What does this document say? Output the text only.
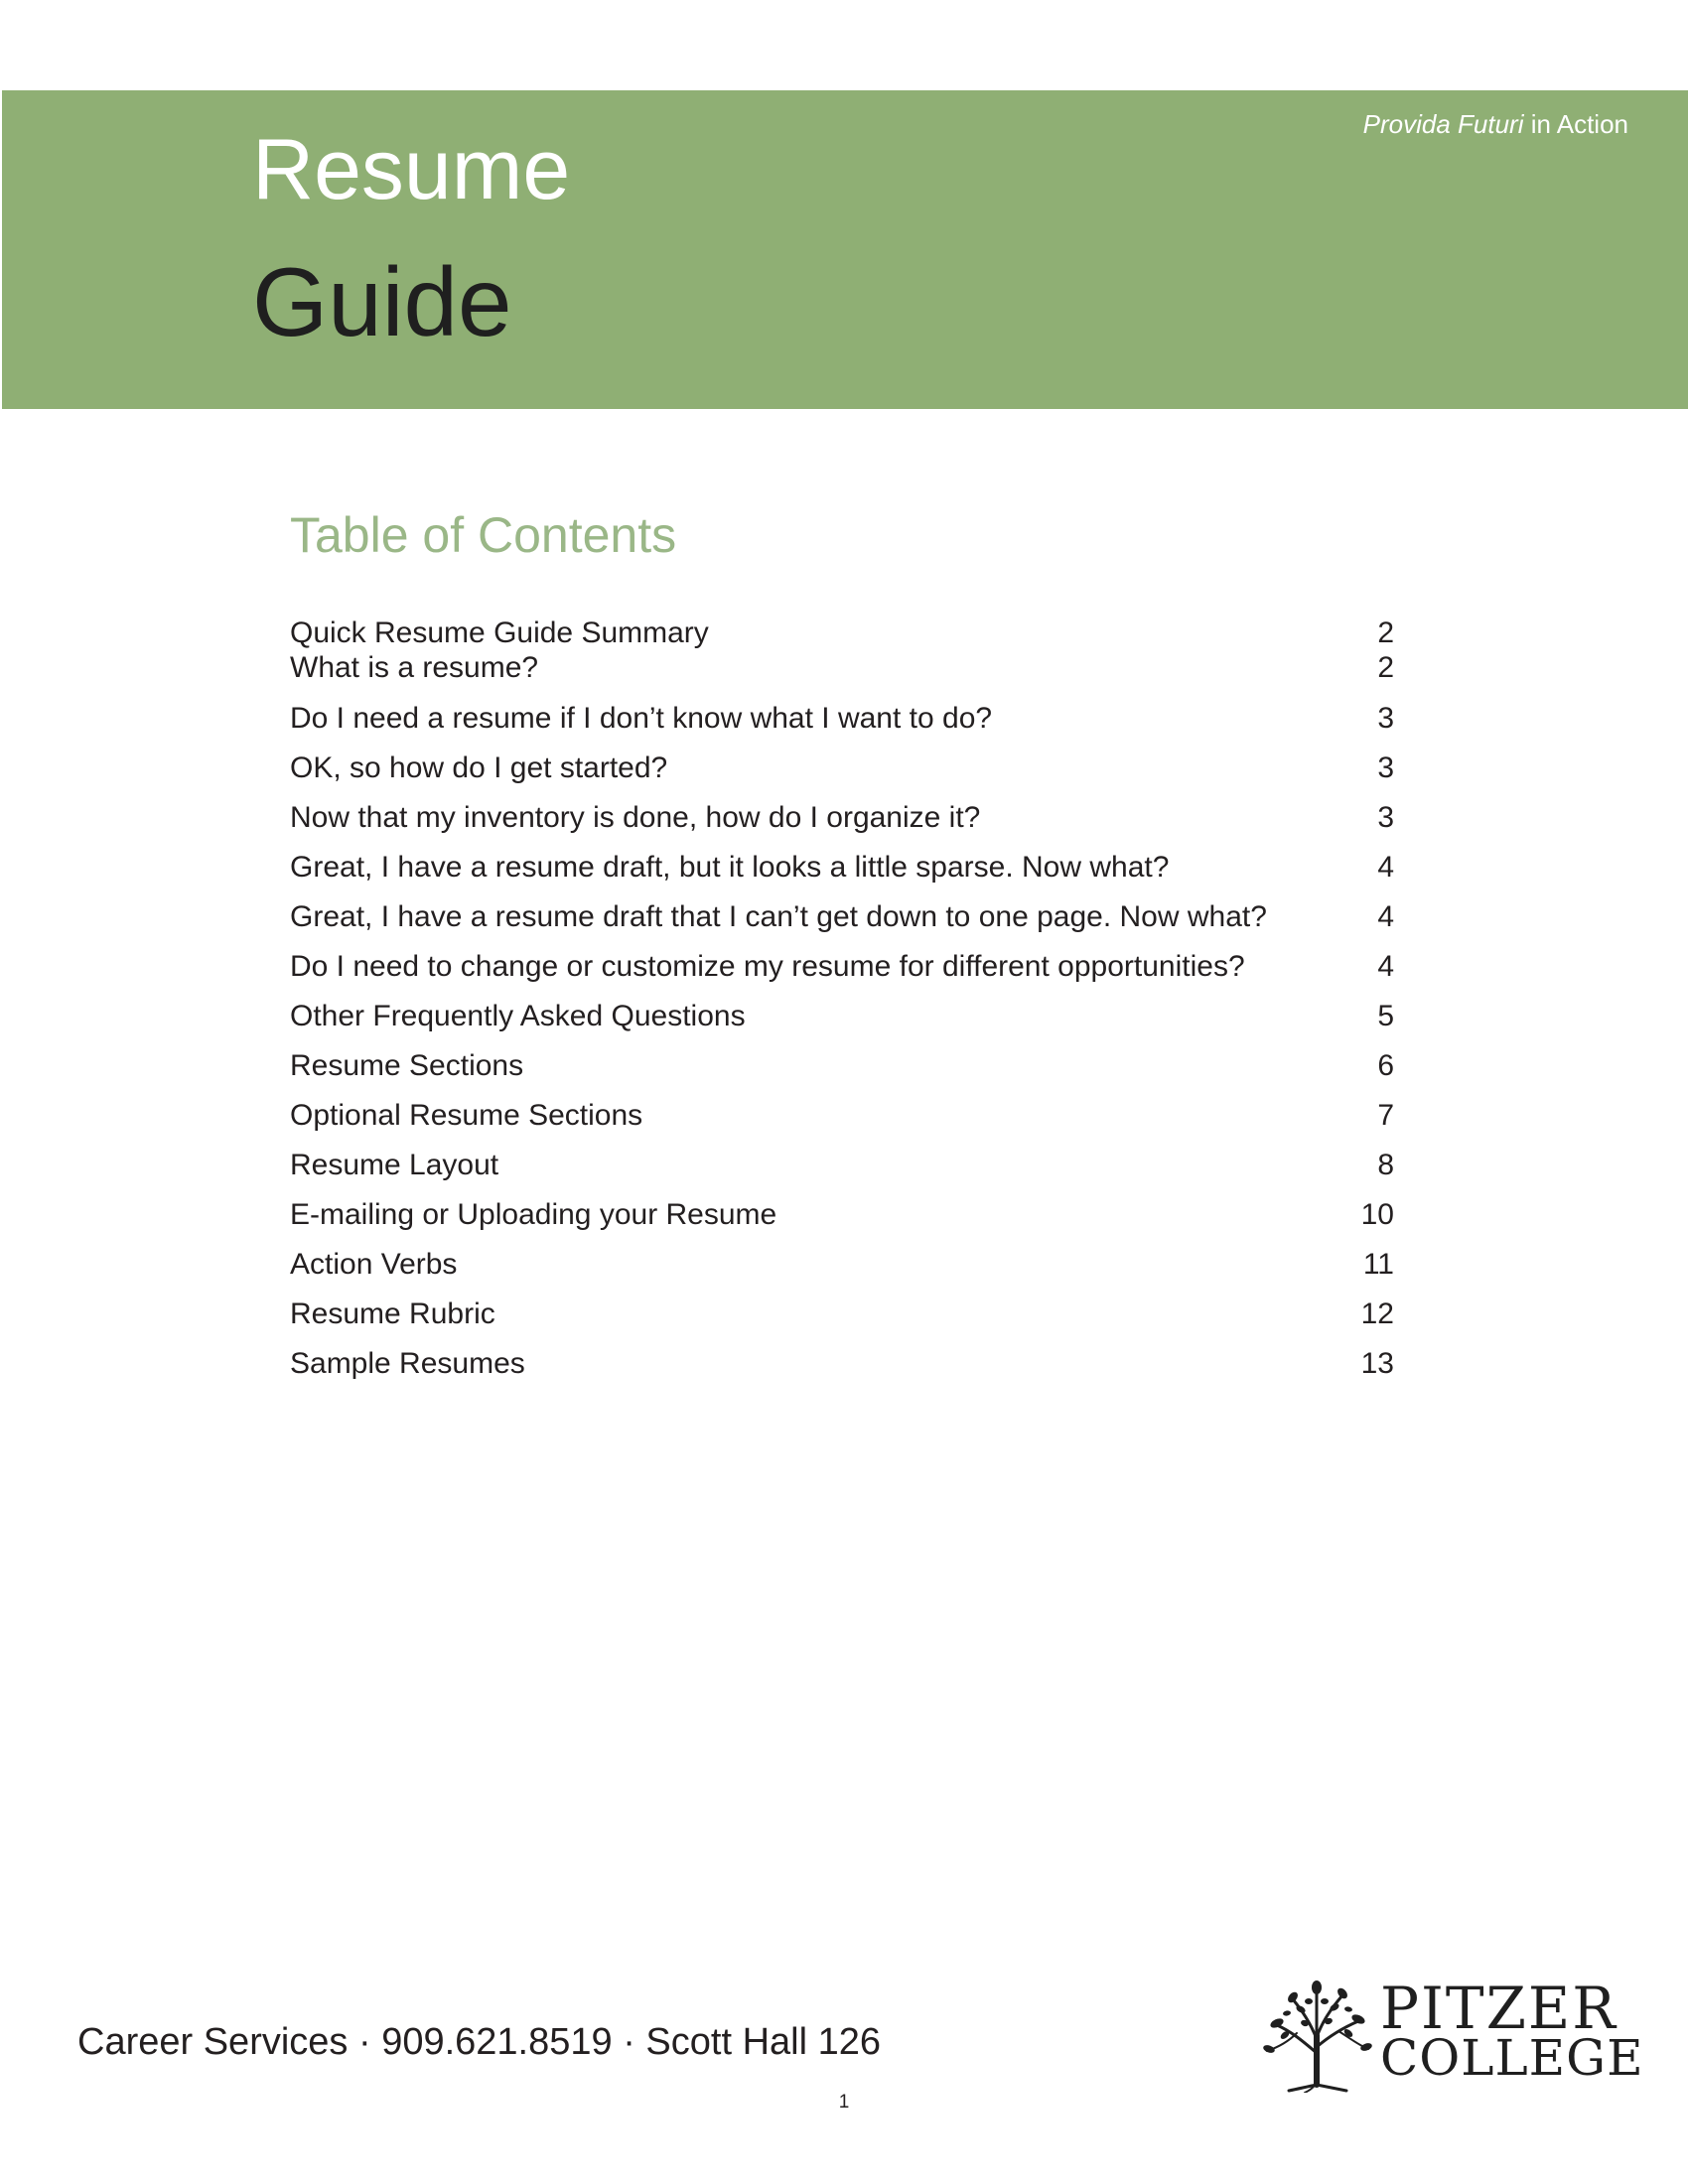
Provida Futuri in Action
Resume
Guide
Table of Contents
Quick Resume Guide Summary	2
What is a resume?	2
Do I need a resume if I don’t know what I want to do?	3
OK, so how do I get started?	3
Now that my inventory is done, how do I organize it?	3
Great, I have a resume draft, but it looks a little sparse. Now what?	4
Great, I have a resume draft that I can’t get down to one page. Now what?	4
Do I need to change or customize my resume for different opportunities?	4
Other Frequently Asked Questions	5
Resume Sections	6
Optional Resume Sections	7
Resume Layout	8
E-mailing or Uploading your Resume	10
Action Verbs	11
Resume Rubric	12
Sample Resumes	13
Career Services · 909.621.8519 · Scott Hall 126
1
PITZER
COLLEGE
